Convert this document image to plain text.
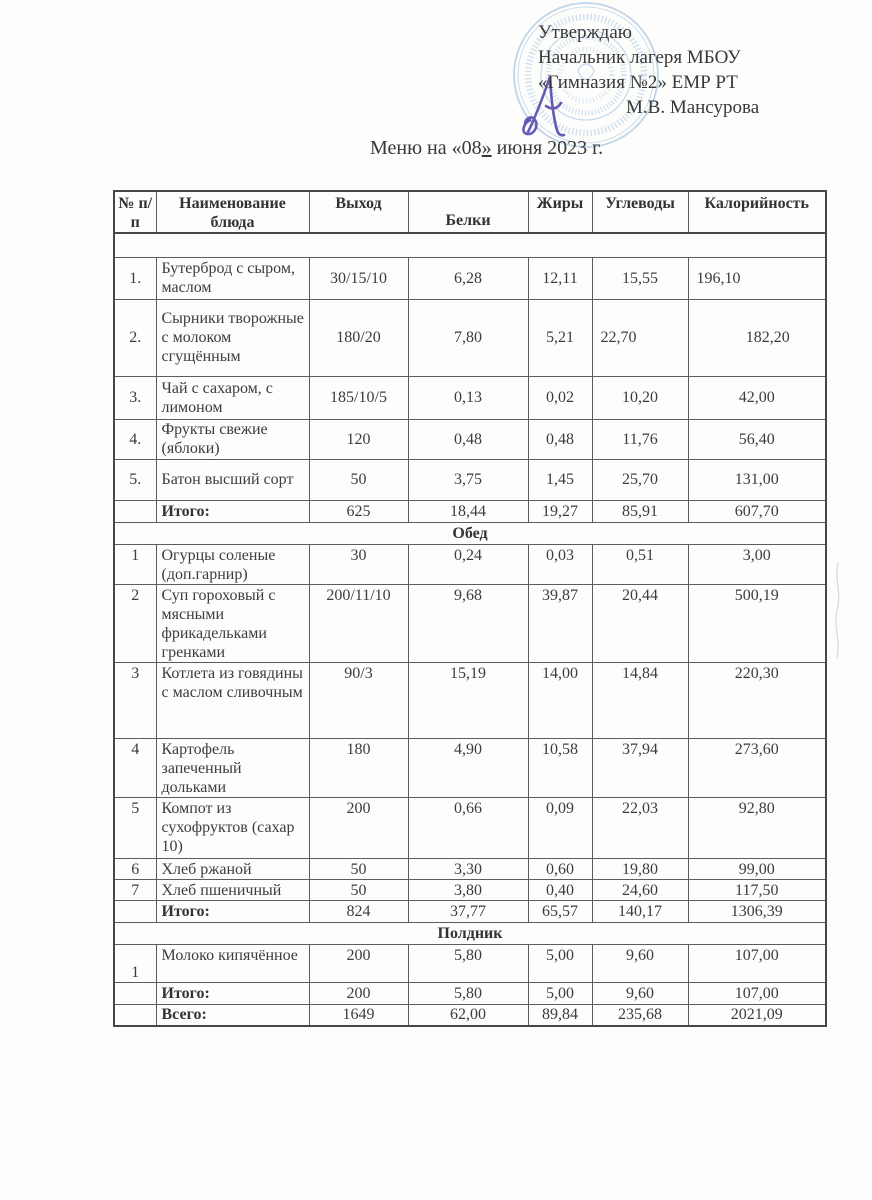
Утверждаю
Начальник лагеря МБОУ
«Гимназия №2» ЕМР РТ
М.В. Мансурова
Меню на «08» июня 2023 г.
№ п/п	Наименование блюда	Выход	Белки	Жиры	Углеводы	Калорийность

1.	Бутерброд с сыром, маслом	30/15/10	6,28	12,11	15,55	196,10
2.	Сырники творожные с молоком сгущённым	180/20	7,80	5,21	22,70	182,20
3.	Чай с сахаром, с лимоном	185/10/5	0,13	0,02	10,20	42,00
4.	Фрукты свежие (яблоки)	120	0,48	0,48	11,76	56,40
5.	Батон высший сорт	50	3,75	1,45	25,70	131,00
	Итого:	625	18,44	19,27	85,91	607,70
Обед						
1	Огурцы соленые (доп.гарнир)	30	0,24	0,03	0,51	3,00
2	Суп гороховый с мясными фрикадельками гренками	200/11/10	9,68	39,87	20,44	500,19
3	Котлета из говядины с маслом сливочным	90/3	15,19	14,00	14,84	220,30
4	Картофель запеченный дольками	180	4,90	10,58	37,94	273,60
5	Компот из сухофруктов (сахар 10)	200	0,66	0,09	22,03	92,80
6	Хлеб ржаной	50	3,30	0,60	19,80	99,00
7	Хлеб пшеничный	50	3,80	0,40	24,60	117,50
	Итого:	824	37,77	65,57	140,17	1306,39
Полдник						
1	Молоко кипячённое	200	5,80	5,00	9,60	107,00
	Итого:	200	5,80	5,00	9,60	107,00
	Всего:	1649	62,00	89,84	235,68	2021,09
